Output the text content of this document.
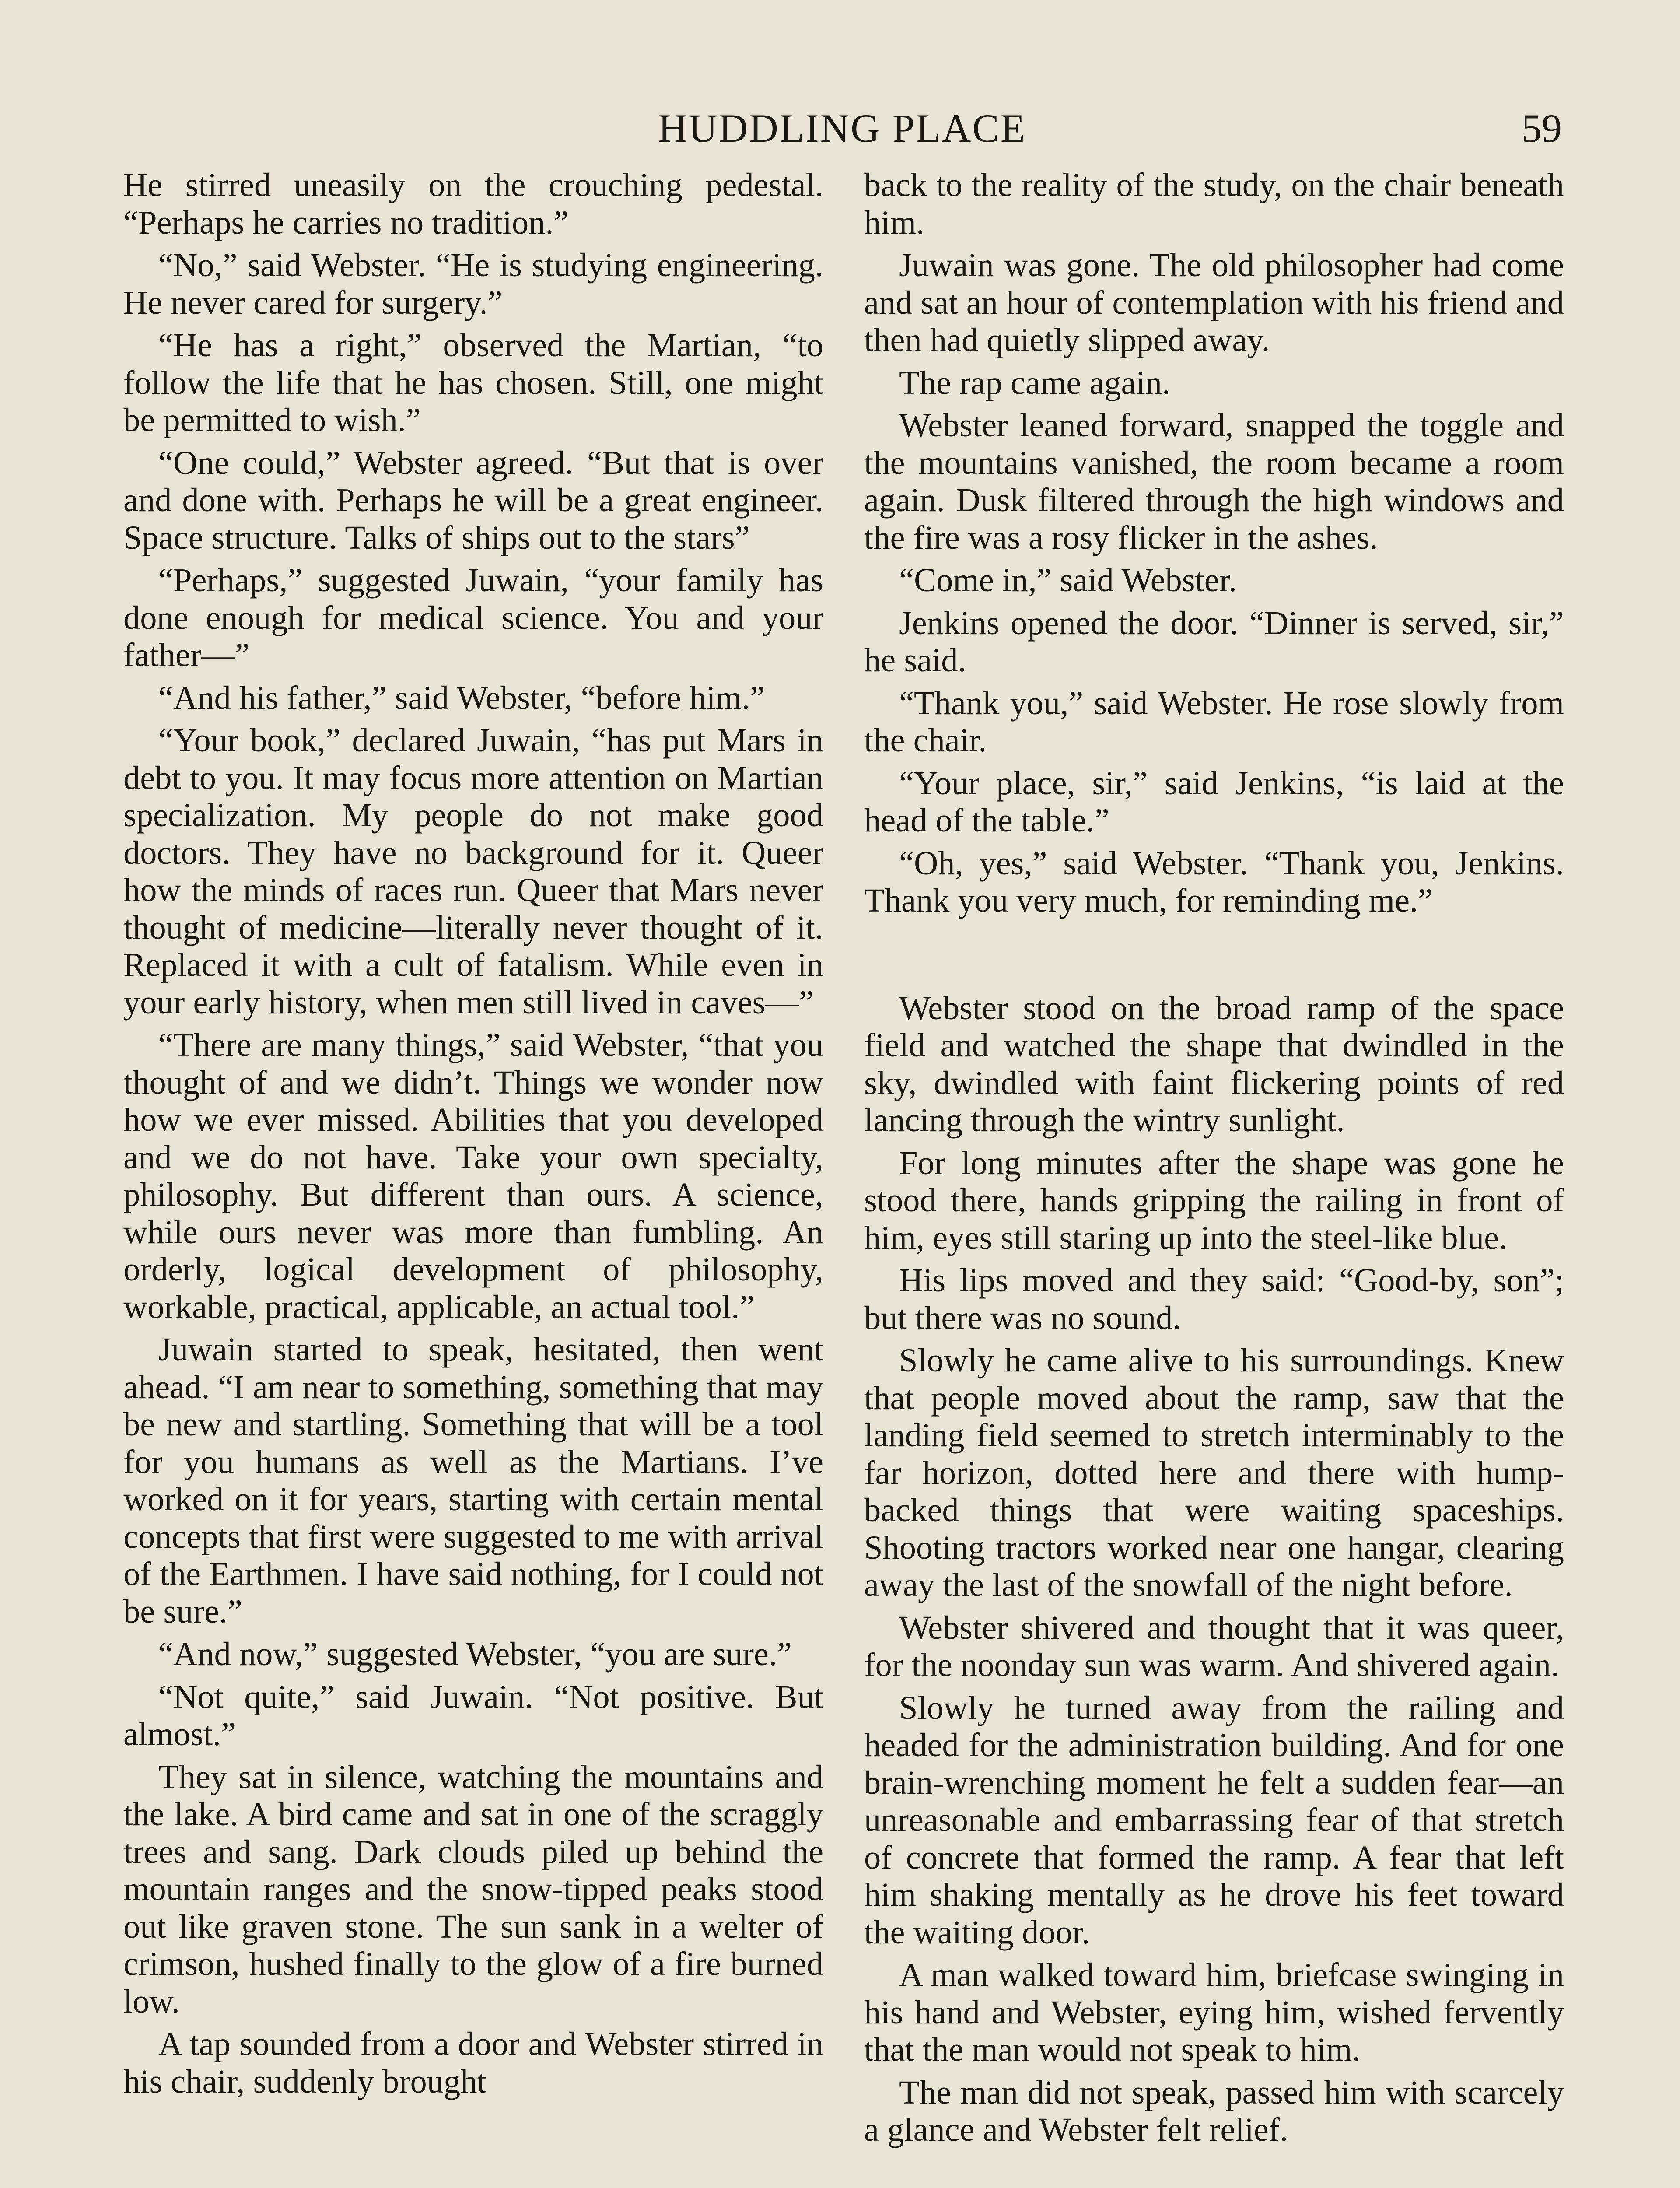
HUDDLING PLACE	59

He stirred uneasily on the crouching pedestal. “Perhaps he carries no tradition.”

“No,” said Webster. “He is studying engineering. He never cared for surgery.”

“He has a right,” observed the Martian, “to follow the life that he has chosen. Still, one might be permitted to wish.”

“One could,” Webster agreed. “But that is over and done with. Perhaps he will be a great engineer. Space structure. Talks of ships out to the stars”

“Perhaps,” suggested Juwain, “your family has done enough for medical science. You and your father—”

“And his father,” said Webster, “before him.”

“Your book,” declared Juwain, “has put Mars in debt to you. It may focus more attention on Martian specialization. My people do not make good doctors. They have no background for it. Queer how the minds of races run. Queer that Mars never thought of medicine—literally never thought of it. Replaced it with a cult of fatalism. While even in your early history, when men still lived in caves—”

“There are many things,” said Webster, “that you thought of and we didn’t. Things we wonder now how we ever missed. Abilities that you developed and we do not have. Take your own specialty, philosophy. But different than ours. A science, while ours never was more than fumbling. An orderly, logical development of philosophy, workable, practical, applicable, an actual tool.”

Juwain started to speak, hesitated, then went ahead. “I am near to something, something that may be new and startling. Something that will be a tool for you humans as well as the Martians. I’ve worked on it for years, starting with certain mental concepts that first were suggested to me with arrival of the Earthmen. I have said nothing, for I could not be sure.”

“And now,” suggested Webster, “you are sure.”

“Not quite,” said Juwain. “Not positive. But almost.”

They sat in silence, watching the mountains and the lake. A bird came and sat in one of the scraggly trees and sang. Dark clouds piled up behind the mountain ranges and the snow-tipped peaks stood out like graven stone. The sun sank in a welter of crimson, hushed finally to the glow of a fire burned low.

A tap sounded from a door and Webster stirred in his chair, suddenly brought

back to the reality of the study, on the chair beneath him.

Juwain was gone. The old philosopher had come and sat an hour of contemplation with his friend and then had quietly slipped away.

The rap came again.

Webster leaned forward, snapped the toggle and the mountains vanished, the room became a room again. Dusk filtered through the high windows and the fire was a rosy flicker in the ashes.

“Come in,” said Webster.

Jenkins opened the door. “Dinner is served, sir,” he said.

“Thank you,” said Webster. He rose slowly from the chair.

“Your place, sir,” said Jenkins, “is laid at the head of the table.”

“Oh, yes,” said Webster. “Thank you, Jenkins. Thank you very much, for reminding me.”

Webster stood on the broad ramp of the space field and watched the shape that dwindled in the sky, dwindled with faint flickering points of red lancing through the wintry sunlight.

For long minutes after the shape was gone he stood there, hands gripping the railing in front of him, eyes still staring up into the steel-like blue.

His lips moved and they said: “Good-by, son”; but there was no sound.

Slowly he came alive to his surroundings. Knew that people moved about the ramp, saw that the landing field seemed to stretch interminably to the far horizon, dotted here and there with hump-backed things that were waiting spaceships. Shooting tractors worked near one hangar, clearing away the last of the snowfall of the night before.

Webster shivered and thought that it was queer, for the noonday sun was warm. And shivered again.

Slowly he turned away from the railing and headed for the administration building. And for one brain-wrenching moment he felt a sudden fear—an unreasonable and embarrassing fear of that stretch of concrete that formed the ramp. A fear that left him shaking mentally as he drove his feet toward the waiting door.

A man walked toward him, briefcase swinging in his hand and Webster, eying him, wished fervently that the man would not speak to him.

The man did not speak, passed him with scarcely a glance and Webster felt relief.
